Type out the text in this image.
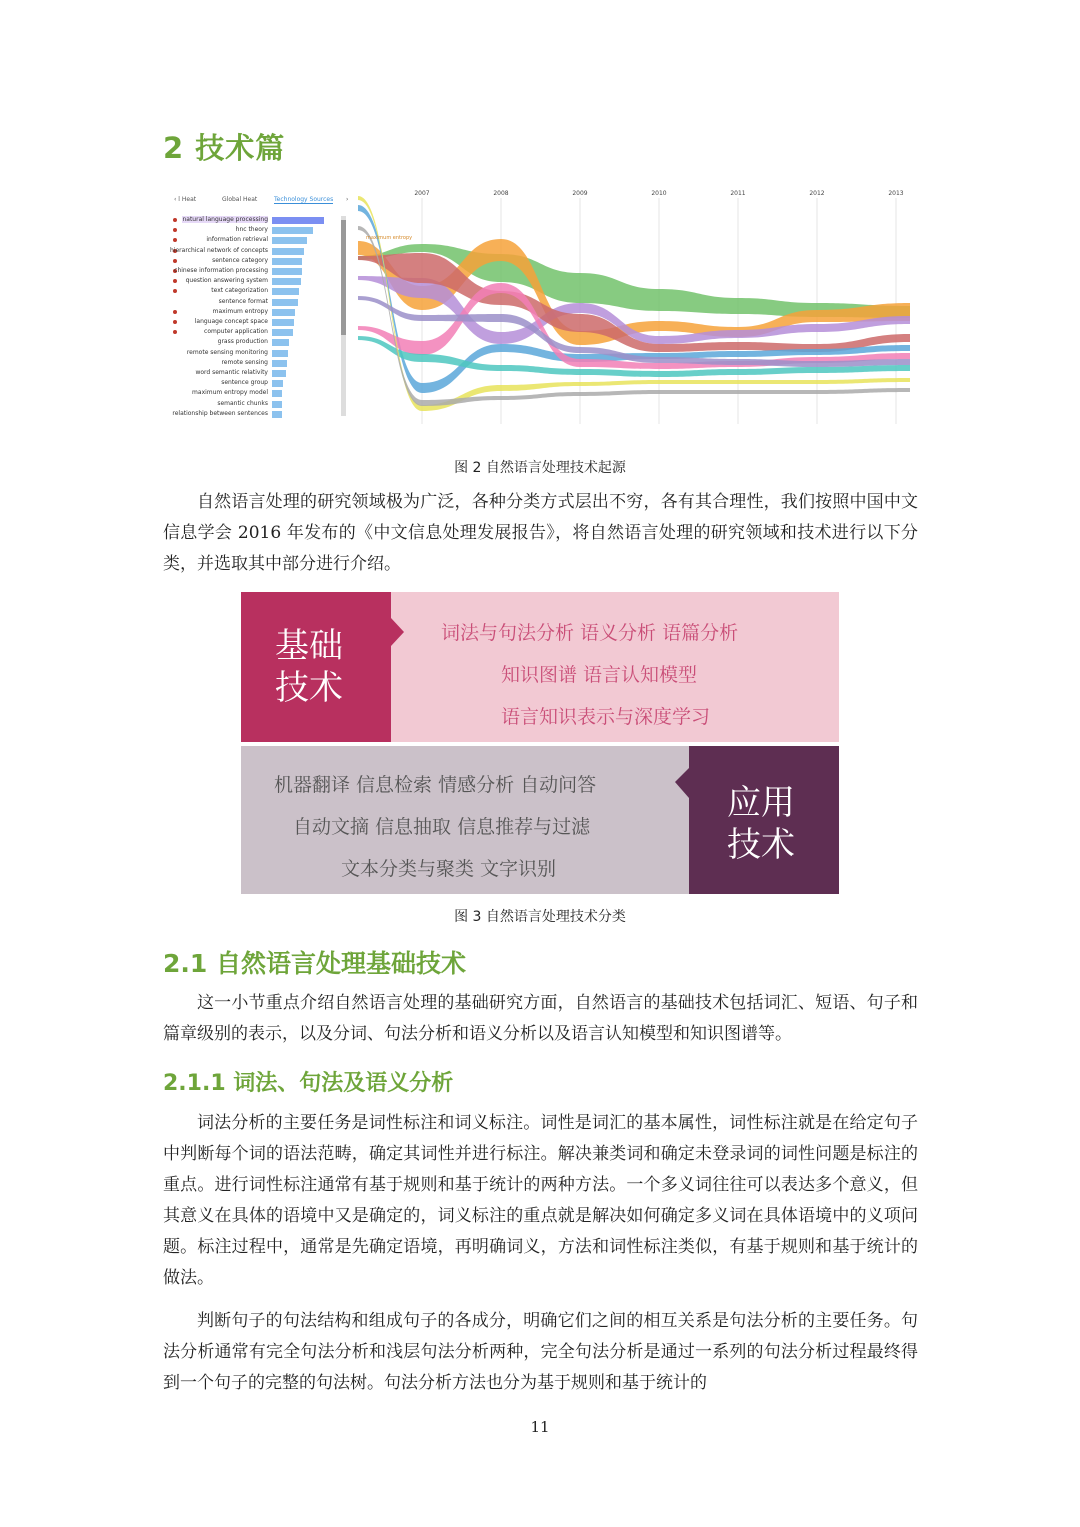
2 技术篇
‹ l Heat	Global Heat	Technology Sources ›
natural language processing
hnc theory
information retrieval
hierarchical network of concepts
sentence category
chinese information processing
question answering system
text categorization
sentence format
maximum entropy
language concept space
computer application
grass production
remote sensing monitoring
remote sensing
word semantic relativity
sentence group
maximum entropy model
semantic chunks
relationship between sentences
2007	2008	2009	2010	2011	2012	2013
maximum entropy
图 2 自然语言处理技术起源

自然语言处理的研究领域极为广泛，各种分类方式层出不穷，各有其合理性，我们按照中国中文信息学会 2016 年发布的《中文信息处理发展报告》，将自然语言处理的研究领域和技术进行以下分类，并选取其中部分进行介绍。

基础
技术
词法与句法分析 语义分析 语篇分析
知识图谱 语言认知模型
语言知识表示与深度学习
应用
技术
机器翻译 信息检索 情感分析 自动问答
自动文摘 信息抽取 信息推荐与过滤
文本分类与聚类 文字识别
图 3 自然语言处理技术分类
2.1 自然语言处理基础技术

这一小节重点介绍自然语言处理的基础研究方面，自然语言的基础技术包括词汇、短语、句子和篇章级别的表示，以及分词、句法分析和语义分析以及语言认知模型和知识图谱等。

2.1.1 词法、句法及语义分析

词法分析的主要任务是词性标注和词义标注。词性是词汇的基本属性，词性标注就是在给定句子中判断每个词的语法范畴，确定其词性并进行标注。解决兼类词和确定未登录词的词性问题是标注的重点。进行词性标注通常有基于规则和基于统计的两种方法。一个多义词往往可以表达多个意义，但其意义在具体的语境中又是确定的，词义标注的重点就是解决如何确定多义词在具体语境中的义项问题。标注过程中，通常是先确定语境，再明确词义，方法和词性标注类似，有基于规则和基于统计的做法。

判断句子的句法结构和组成句子的各成分，明确它们之间的相互关系是句法分析的主要任务。句法分析通常有完全句法分析和浅层句法分析两种，完全句法分析是通过一系列的句法分析过程最终得到一个句子的完整的句法树。句法分析方法也分为基于规则和基于统计的

11
